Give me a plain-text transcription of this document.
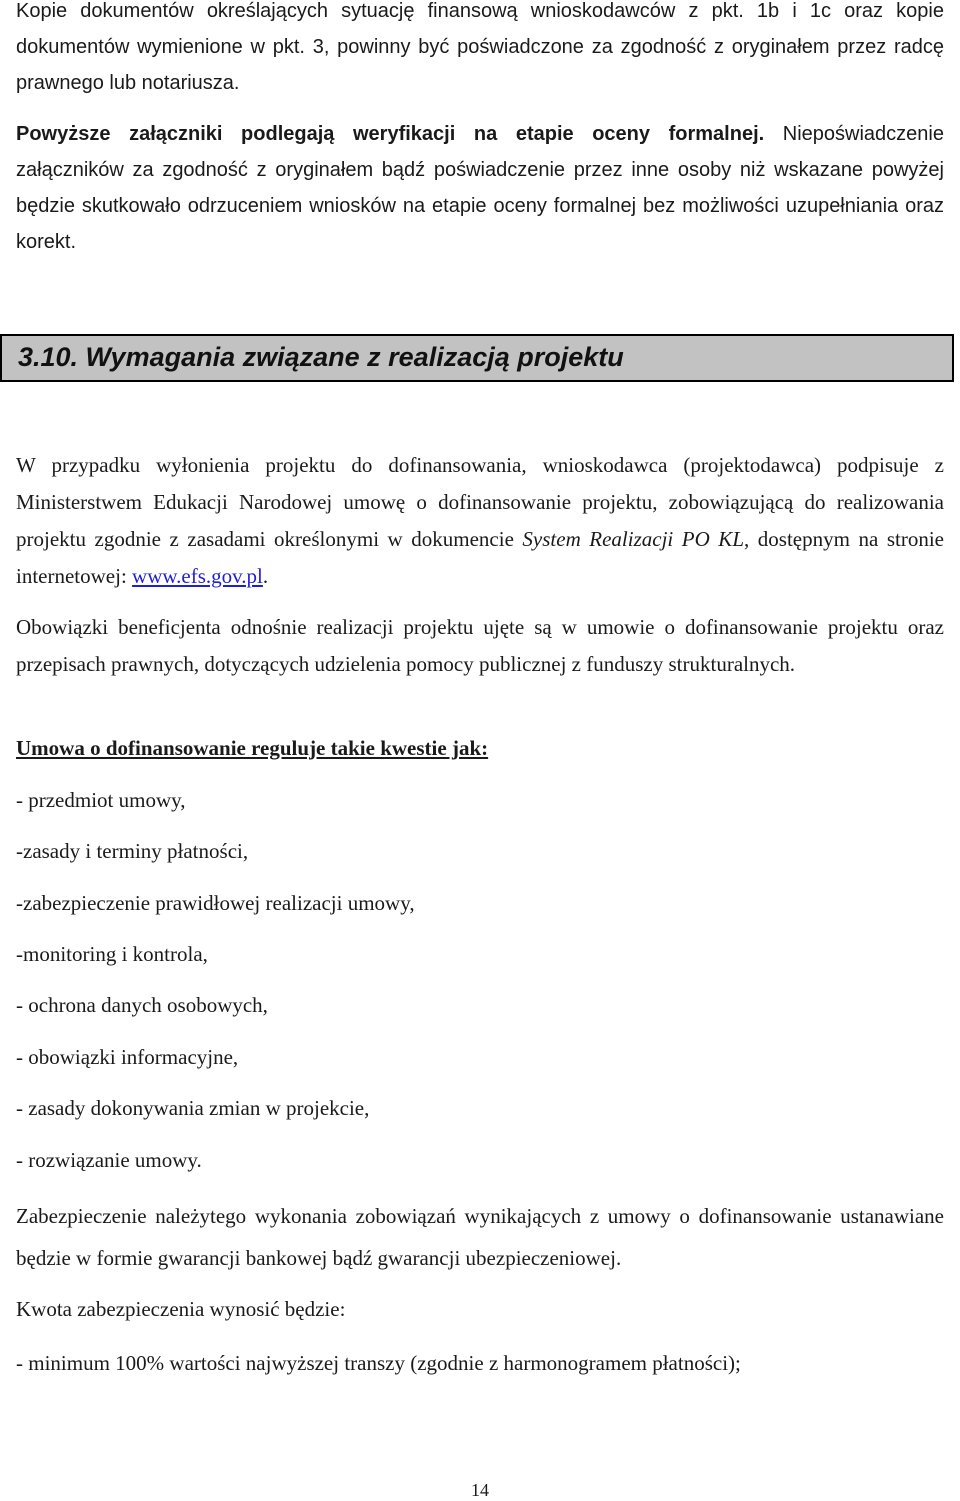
Kopie dokumentów określających sytuację finansową wnioskodawców z pkt. 1b i 1c oraz kopie dokumentów wymienione w pkt. 3, powinny być poświadczone za zgodność z oryginałem przez radcę prawnego lub notariusza.

Powyższe załączniki podlegają weryfikacji na etapie oceny formalnej. Niepoświadczenie załączników za zgodność z oryginałem bądź poświadczenie przez inne osoby niż wskazane powyżej będzie skutkowało odrzuceniem wniosków na etapie oceny formalnej bez możliwości uzupełniania oraz korekt.

3.10. Wymagania związane z realizacją projektu

W przypadku wyłonienia projektu do dofinansowania, wnioskodawca (projektodawca) podpisuje z Ministerstwem Edukacji Narodowej umowę o dofinansowanie projektu, zobowiązującą do realizowania projektu zgodnie z zasadami określonymi w dokumencie System Realizacji PO KL, dostępnym na stronie internetowej: www.efs.gov.pl.

Obowiązki beneficjenta odnośnie realizacji projektu ujęte są w umowie o dofinansowanie projektu oraz przepisach prawnych, dotyczących udzielenia pomocy publicznej z funduszy strukturalnych.

Umowa o dofinansowanie reguluje takie kwestie jak:

- przedmiot umowy,

-zasady i terminy płatności,

-zabezpieczenie prawidłowej realizacji umowy,

-monitoring i kontrola,

- ochrona danych osobowych,

- obowiązki informacyjne,

- zasady dokonywania zmian w projekcie,

- rozwiązanie umowy.

Zabezpieczenie należytego wykonania zobowiązań wynikających z umowy o dofinansowanie ustanawiane będzie w formie gwarancji bankowej bądź gwarancji ubezpieczeniowej.

Kwota zabezpieczenia wynosić będzie:

- minimum 100% wartości najwyższej transzy (zgodnie z harmonogramem płatności);

14
